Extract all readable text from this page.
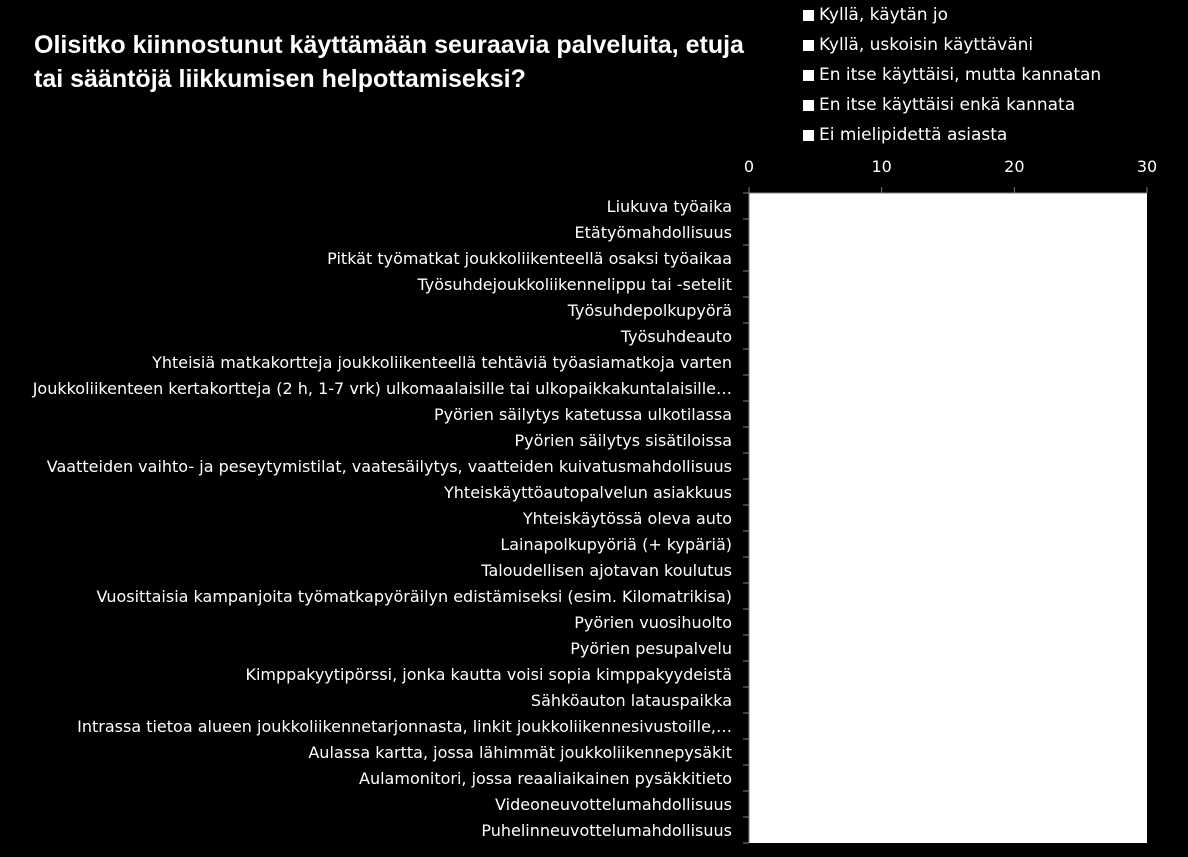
Olisitko kiinnostunut käyttämään seuraavia palveluita, etuja tai sääntöjä liikkumisen helpottamiseksi?
Kyllä, käytän jo
Kyllä, uskoisin käyttäväni
En itse käyttäisi, mutta kannatan
En itse käyttäisi enkä kannata
Ei mielipidettä asiasta
0	10	20	30
Liukuva työaika
Etätyömahdollisuus
Pitkät työmatkat joukkoliikenteellä osaksi työaikaa
Työsuhdejoukkoliikennelippu tai -setelit
Työsuhdepolkupyörä
Työsuhdeauto
Yhteisiä matkakortteja joukkoliikenteellä tehtäviä työasiamatkoja varten
Joukkoliikenteen kertakortteja (2 h, 1-7 vrk) ulkomaalaisille tai ulkopaikkakuntalaisille…
Pyörien säilytys katetussa ulkotilassa
Pyörien säilytys sisätiloissa
Vaatteiden vaihto- ja peseytymistilat, vaatesäilytys, vaatteiden kuivatusmahdollisuus
Yhteiskäyttöautopalvelun asiakkuus
Yhteiskäytössä oleva auto
Lainapolkupyöriä (+ kypäriä)
Taloudellisen ajotavan koulutus
Vuosittaisia kampanjoita työmatkapyöräilyn edistämiseksi (esim. Kilomatrikisa)
Pyörien vuosihuolto
Pyörien pesupalvelu
Kimppakyytipörssi, jonka kautta voisi sopia kimppakyydeistä
Sähköauton latauspaikka
Intrassa tietoa alueen joukkoliikennetarjonnasta, linkit joukkoliikennesivustoille,…
Aulassa kartta, jossa lähimmät joukkoliikennepysäkit
Aulamonitori, jossa reaaliaikainen pysäkkitieto
Videoneuvottelumahdollisuus
Puhelinneuvottelumahdollisuus
